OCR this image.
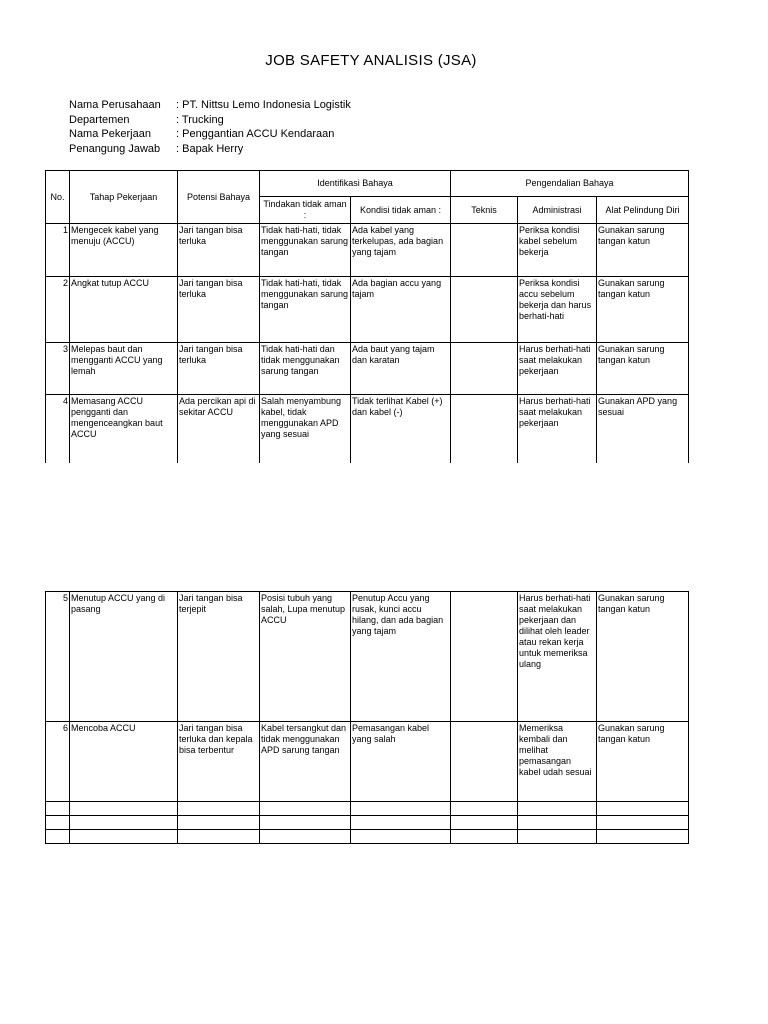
JOB SAFETY ANALISIS (JSA)
Nama Perusahaan : PT. Nittsu Lemo Indonesia Logistik
Departemen	: Trucking
Nama Pekerjaan : Penggantian ACCU Kendaraan
Penangung Jawab : Bapak Herry
No.	Tahap Pekerjaan	Potensi Bahaya	Identifikasi Bahaya		Pengendalian Bahaya		
			Tindakan tidak aman :	Kondisi tidak aman :	Teknis	Administrasi	Alat Pelindung Diri
1	Mengecek kabel yang menuju (ACCU)	Jari tangan bisa terluka	Tidak hati-hati, tidak menggunakan sarung tangan	Ada kabel yang terkelupas, ada bagian yang tajam		Periksa kondisi kabel sebelum bekerja	Gunakan sarung tangan katun
2	Angkat tutup ACCU	Jari tangan bisa terluka	Tidak hati-hati, tidak menggunakan sarung tangan	Ada bagian accu yang tajam		Periksa kondisi accu sebelum bekerja dan harus berhati-hati	Gunakan sarung tangan katun
3	Melepas baut dan mengganti ACCU yang lemah	Jari tangan bisa terluka	Tidak hati-hati dan tidak menggunakan sarung tangan	Ada baut yang tajam dan karatan		Harus berhati-hati saat melakukan pekerjaan	Gunakan sarung tangan katun
4	Memasang ACCU pengganti dan mengenceangkan baut ACCU	Ada percikan api di sekitar ACCU	Salah menyambung kabel, tidak menggunakan APD yang sesuai	Tidak terlihat Kabel (+) dan kabel (-)		Harus berhati-hati saat melakukan pekerjaan	Gunakan APD yang sesuai
5	Menutup ACCU yang di pasang	Jari tangan bisa terjepit	Posisi tubuh yang salah, Lupa menutup ACCU	Penutup Accu yang rusak, kunci accu hilang, dan ada bagian yang tajam		Harus berhati-hati saat melakukan pekerjaan dan dilihat oleh leader atau rekan kerja untuk memeriksa ulang	Gunakan sarung tangan katun
6	Mencoba ACCU	Jari tangan bisa terluka dan kepala bisa terbentur	Kabel tersangkut dan tidak menggunakan APD sarung tangan	Pemasangan kabel yang salah		Memeriksa kembali dan melihat pemasangan kabel udah sesuai	Gunakan sarung tangan katun
